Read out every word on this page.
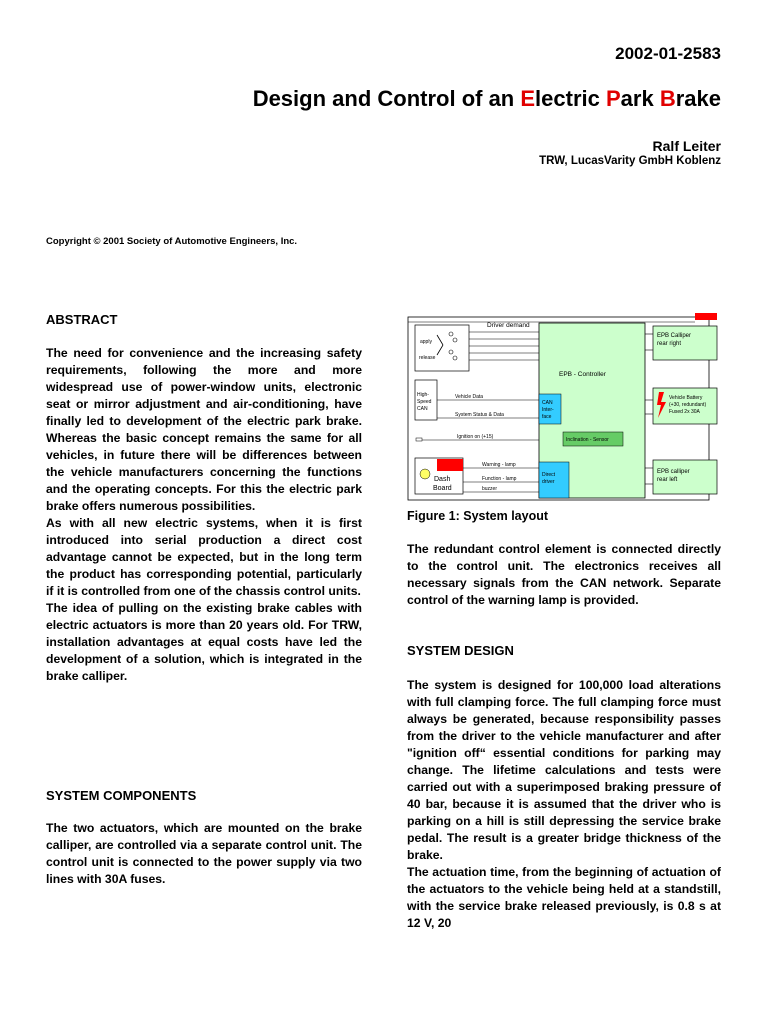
2002-01-2583
Design and Control of an Electric Park Brake
Ralf Leiter
TRW, LucasVarity GmbH Koblenz
Copyright © 2001 Society of Automotive Engineers, Inc.
ABSTRACT

The need for convenience and the increasing safety requirements, following the more and more widespread use of power-window units, electronic seat or mirror adjustment and air-conditioning, have finally led to development of the electric park brake. Whereas the basic concept remains the same for all vehicles, in future there will be differences between the vehicle manufacturers concerning the functions and the operating concepts. For this the electric park brake offers numerous possibilities.

As with all new electric systems, when it is first introduced into serial production a direct cost advantage cannot be expected, but in the long term the product has corresponding potential, particularly if it is controlled from one of the chassis control units.

The idea of pulling on the existing brake cables with electric actuators is more than 20 years old. For TRW, installation advantages at equal costs have led the development of a solution, which is integrated in the brake calliper.

SYSTEM COMPONENTS
The two actuators, which are mounted on the brake calliper, are controlled via a separate control unit. The control unit is connected to the power supply via two lines with 30A fuses.
Driver demand
apply
release
High-
Speed
CAN
Vehicle Data
System Status & Data
Ignition on (+15)
Dash
Board
Warning - lamp
Function - lamp
buzzer
EPB - Controller
CAN
Inter-
face
Inclination - Sensor
Direct
driver
EPB Calliper
rear right
Vehicle Battery
(+30, redundant)
Fused 2x 30A
EPB calliper
rear left
Figure 1: System layout
The redundant control element is connected directly to the control unit. The electronics receives all necessary signals from the CAN network. Separate control of the warning lamp is provided.
SYSTEM DESIGN

The system is designed for 100,000 load alterations with full clamping force. The full clamping force must always be generated, because responsibility passes from the driver to the vehicle manufacturer and after "ignition off“ essential conditions for parking may change. The lifetime calculations and tests were carried out with a superimposed braking pressure of 40 bar, because it is assumed that the driver who is parking on a hill is still depressing the service brake pedal. The result is a greater bridge thickness of the brake.

The actuation time, from the beginning of actuation of the actuators to the vehicle being held at a standstill, with the service brake released previously, is 0.8 s at 12 V, 20
